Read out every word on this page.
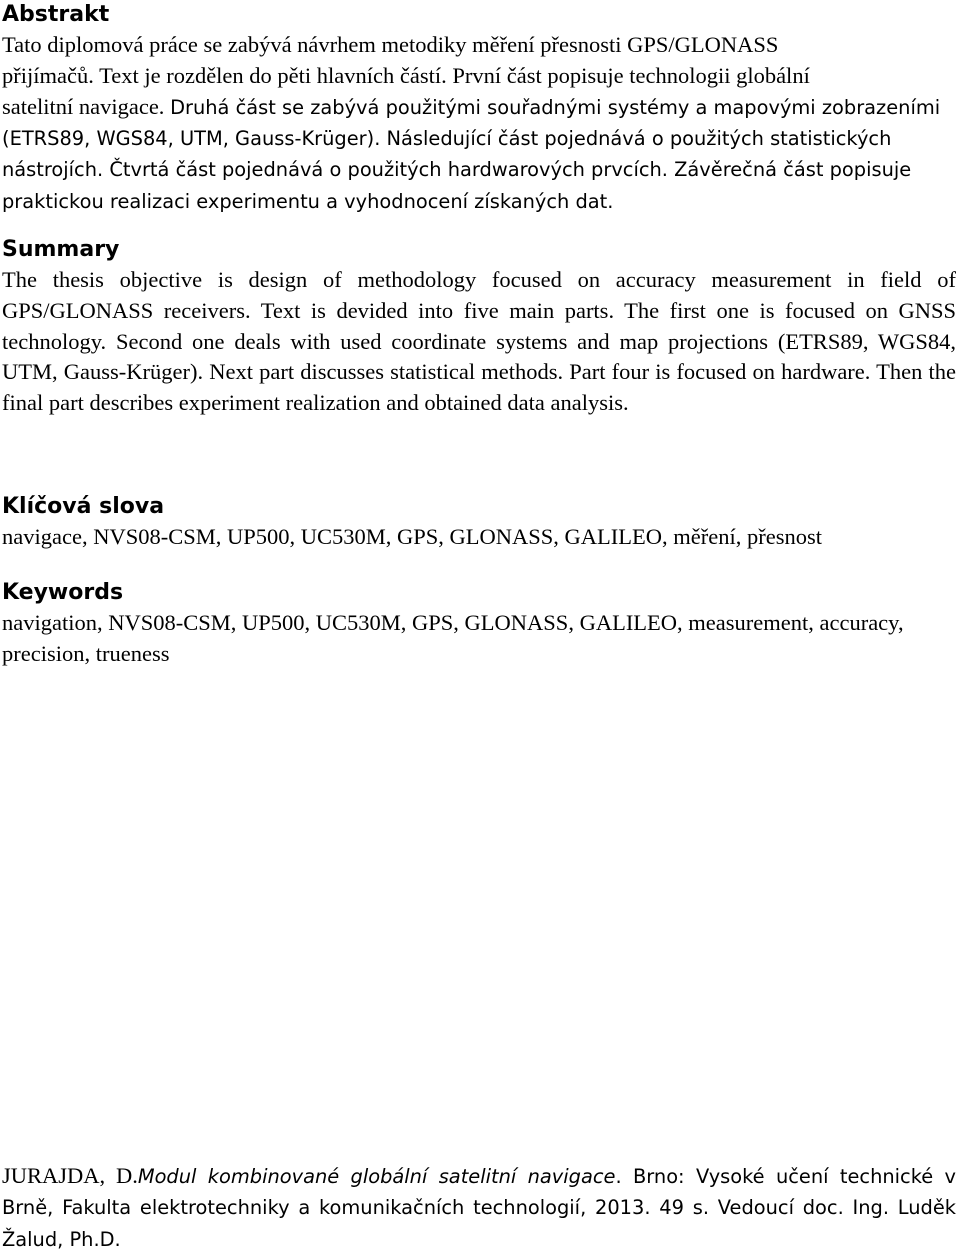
Abstrakt

Tato diplomová práce se zabývá návrhem metodiky měření přesnosti GPS/GLONASS

přijímačů. Text je rozdělen do pěti hlavních částí. První část popisuje technologii globální

satelitní navigace. Druhá část se zabývá použitými souřadnými systémy a mapovými zobrazeními (ETRS89, WGS84, UTM, Gauss-Krüger). Následující část pojednává o použitých statistických nástrojích. Čtvrtá část pojednává o použitých hardwarových prvcích. Závěrečná část popisuje praktickou realizaci experimentu a vyhodnocení získaných dat.

Summary

The thesis objective is design of methodology focused on accuracy measurement in field of GPS/GLONASS receivers. Text is devided into five main parts. The first one is focused on GNSS technology. Second one deals with used coordinate systems and map projections (ETRS89, WGS84, UTM, Gauss-Krüger). Next part discusses statistical methods. Part four is focused on hardware. Then the final part describes experiment realization and obtained data analysis.

Klíčová slova

navigace, NVS08-CSM, UP500, UC530M, GPS, GLONASS, GALILEO, měření, přesnost

Keywords

navigation, NVS08-CSM, UP500, UC530M, GPS, GLONASS, GALILEO, measurement, accuracy, precision, trueness

JURAJDA, D.Modul kombinované globální satelitní navigace. Brno: Vysoké učení technické v Brně, Fakulta elektrotechniky a komunikačních technologií, 2013. 49 s. Vedoucí doc. Ing. Luděk Žalud, Ph.D.
